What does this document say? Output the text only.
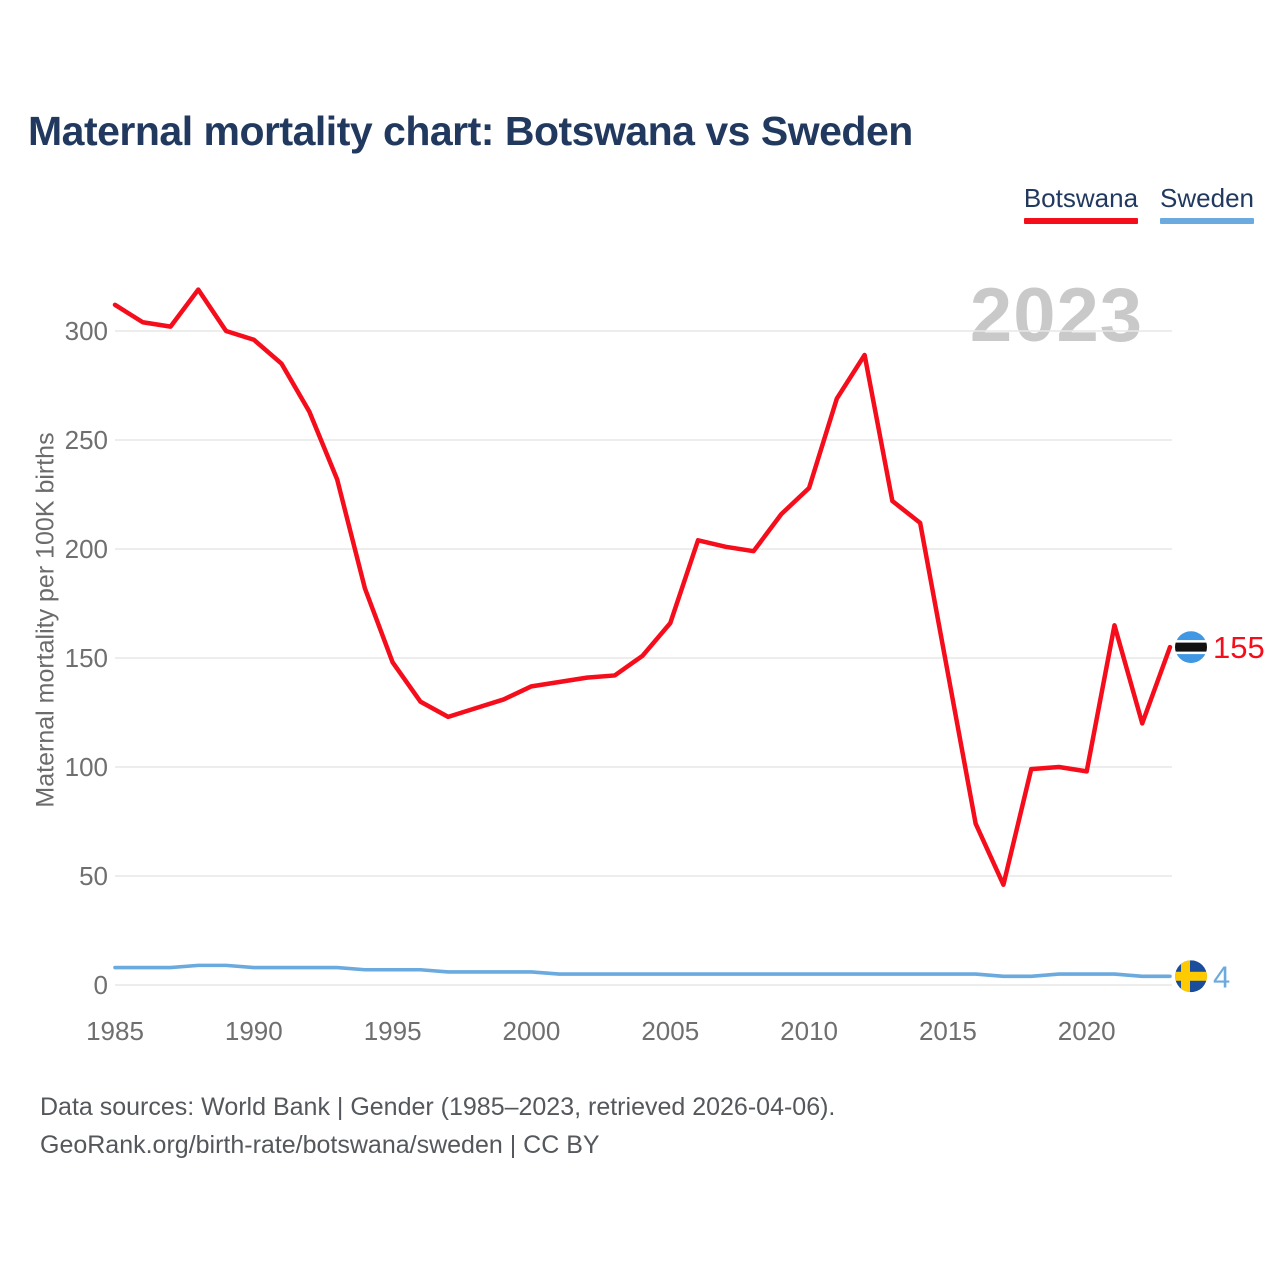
Maternal mortality chart: Botswana vs Sweden
Botswana Sweden
2023
0
50
100
150
200
250
300
1985	1990	1995	2000	2005	2010	2015	2020
155
4
Maternal mortality per 100K births
Data sources: World Bank | Gender (1985–2023, retrieved 2026-04-06).
GeoRank.org/birth-rate/botswana/sweden | CC BY
